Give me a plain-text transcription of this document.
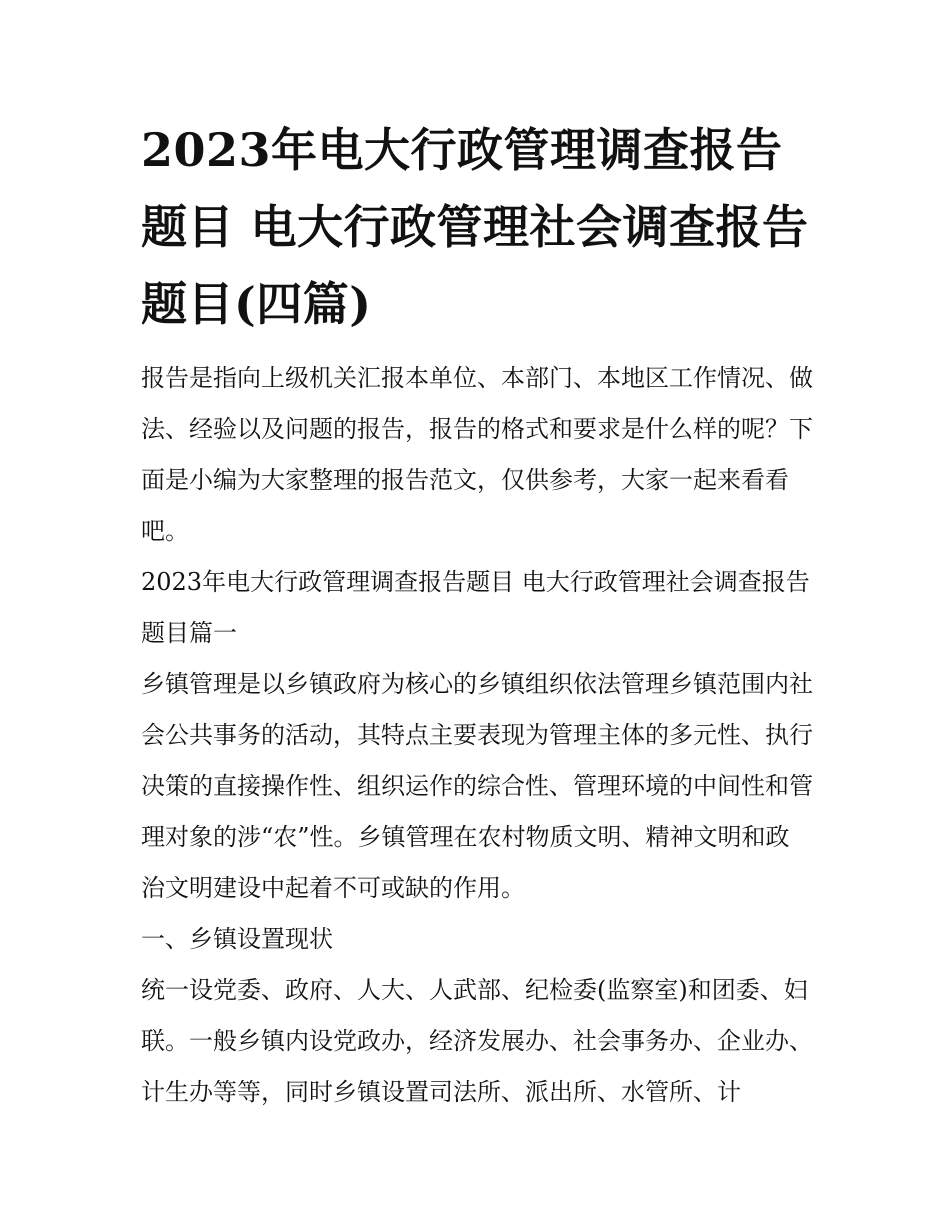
2023年电大行政管理调查报告题目 电大行政管理社会调查报告题目(四篇)

报告是指向上级机关汇报本单位、本部门、本地区工作情况、做法、经验以及问题的报告，报告的格式和要求是什么样的呢？下面是小编为大家整理的报告范文，仅供参考，大家一起来看看吧。

2023年电大行政管理调查报告题目 电大行政管理社会调查报告题目篇一

乡镇管理是以乡镇政府为核心的乡镇组织依法管理乡镇范围内社会公共事务的活动，其特点主要表现为管理主体的多元性、执行决策的直接操作性、组织运作的综合性、管理环境的中间性和管理对象的涉“农”性。乡镇管理在农村物质文明、精神文明和政治文明建设中起着不可或缺的作用。

一、乡镇设置现状

统一设党委、政府、人大、人武部、纪检委(监察室)和团委、妇联。一般乡镇内设党政办，经济发展办、社会事务办、企业办、计生办等等，同时乡镇设置司法所、派出所、水管所、计
